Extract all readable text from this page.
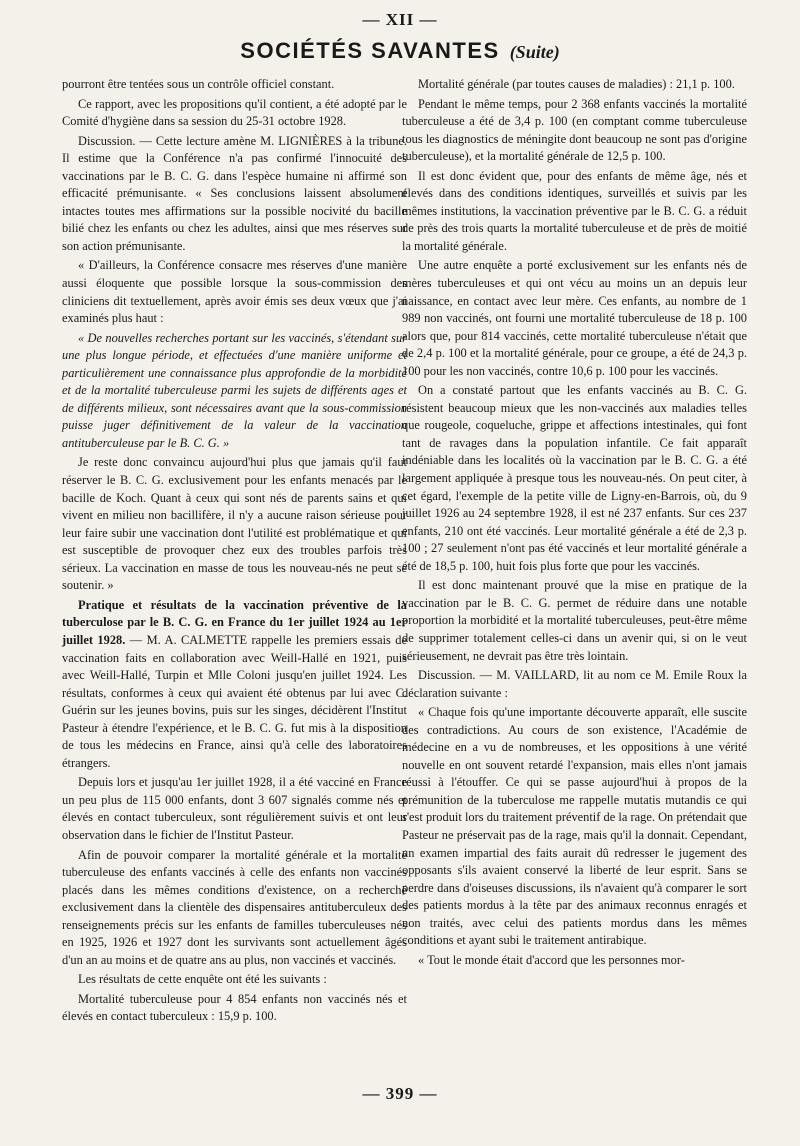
— XII —
SOCIÉTÉS SAVANTES (Suite)

pourront être tentées sous un contrôle officiel constant.

Ce rapport, avec les propositions qu'il contient, a été adopté par le Comité d'hygiène dans sa session du 25-31 octobre 1928.

Discussion. — Cette lecture amène M. LIGNIÈRES à la tribune. Il estime que la Conférence n'a pas confirmé l'innocuité des vaccinations par le B. C. G. dans l'espèce humaine ni affirmé son efficacité prémunisante. « Ses conclusions laissent absolument intactes toutes mes affirmations sur la possible nocivité du bacille bilié chez les enfants ou chez les adultes, ainsi que mes réserves sur son action prémunisante.

« D'ailleurs, la Conférence consacre mes réserves d'une manière aussi éloquente que possible lorsque la sous-commission des cliniciens dit textuellement, après avoir émis ses deux vœux que j'ai examinés plus haut :

« De nouvelles recherches portant sur les vaccinés, s'étendant sur une plus longue période, et effectuées d'une manière uniforme et particulièrement une connaissance plus approfondie de la morbidité et de la mortalité tuberculeuse parmi les sujets de différents ages et de différents milieux, sont nécessaires avant que la sous-commission puisse juger définitivement de la valeur de la vaccination antituberculeuse par le B. C. G. »

Je reste donc convaincu aujourd'hui plus que jamais qu'il faut réserver le B. C. G. exclusivement pour les enfants menacés par le bacille de Koch. Quant à ceux qui sont nés de parents sains et qui vivent en milieu non bacillifère, il n'y a aucune raison sérieuse pour leur faire subir une vaccination dont l'utilité est problématique et qui est susceptible de provoquer chez eux des troubles parfois très sérieux. La vaccination en masse de tous les nouveau-nés ne peut se soutenir. »

Pratique et résultats de la vaccination préventive de la tuberculose par le B. C. G. en France du 1er juillet 1924 au 1er juillet 1928. — M. A. CALMETTE rappelle les premiers essais de vaccination faits en collaboration avec Weill-Hallé en 1921, puis avec Weill-Hallé, Turpin et Mlle Coloni jusqu'en juillet 1924. Les résultats, conformes à ceux qui avaient été obtenus par lui avec C. Guérin sur les jeunes bovins, puis sur les singes, décidèrent l'Institut Pasteur à étendre l'expérience, et le B. C. G. fut mis à la disposition de tous les médecins en France, ainsi qu'à celle des laboratoires étrangers.

Depuis lors et jusqu'au 1er juillet 1928, il a été vacciné en France un peu plus de 115 000 enfants, dont 3 607 signalés comme nés et élevés en contact tuberculeux, sont régulièrement suivis et ont leur observation dans le fichier de l'Institut Pasteur.

Afin de pouvoir comparer la mortalité générale et la mortalité tuberculeuse des enfants vaccinés à celle des enfants non vaccinés placés dans les mêmes conditions d'existence, on a recherché exclusivement dans la clientèle des dispensaires antituberculeux des renseignements précis sur les enfants de familles tuberculeuses nés en 1925, 1926 et 1927 dont les survivants sont actuellement âgés d'un an au moins et de quatre ans au plus, non vaccinés et vaccinés.

Les résultats de cette enquête ont été les suivants :

Mortalité tuberculeuse pour 4 854 enfants non vaccinés nés et élevés en contact tuberculeux : 15,9 p. 100.

Mortalité générale (par toutes causes de maladies) : 21,1 p. 100.

Pendant le même temps, pour 2 368 enfants vaccinés la mortalité tuberculeuse a été de 3,4 p. 100 (en comptant comme tuberculeuse tous les diagnostics de méningite dont beaucoup ne sont pas d'origine tuberculeuse), et la mortalité générale de 12,5 p. 100.

Il est donc évident que, pour des enfants de même âge, nés et élevés dans des conditions identiques, surveillés et suivis par les mêmes institutions, la vaccination préventive par le B. C. G. a réduit de près des trois quarts la mortalité tuberculeuse et de près de moitié la mortalité générale.

Une autre enquête a porté exclusivement sur les enfants nés de mères tuberculeuses et qui ont vécu au moins un an depuis leur naissance, en contact avec leur mère. Ces enfants, au nombre de 1 989 non vaccinés, ont fourni une mortalité tuberculeuse de 18 p. 100 alors que, pour 814 vaccinés, cette mortalité tuberculeuse n'était que de 2,4 p. 100 et la mortalité générale, pour ce groupe, a été de 24,3 p. 100 pour les non vaccinés, contre 10,6 p. 100 pour les vaccinés.

On a constaté partout que les enfants vaccinés au B. C. G. résistent beaucoup mieux que les non-vaccinés aux maladies telles que rougeole, coqueluche, grippe et affections intestinales, qui font tant de ravages dans la population infantile. Ce fait apparaît indéniable dans les localités où la vaccination par le B. C. G. a été largement appliquée à presque tous les nouveau-nés. On peut citer, à cet égard, l'exemple de la petite ville de Ligny-en-Barrois, où, du 9 juillet 1926 au 24 septembre 1928, il est né 237 enfants. Sur ces 237 enfants, 210 ont été vaccinés. Leur mortalité générale a été de 2,3 p. 100 ; 27 seulement n'ont pas été vaccinés et leur mortalité générale a été de 18,5 p. 100, huit fois plus forte que pour les vaccinés.

Il est donc maintenant prouvé que la mise en pratique de la vaccination par le B. C. G. permet de réduire dans une notable proportion la morbidité et la mortalité tuberculeuses, peut-être même de supprimer totalement celles-ci dans un avenir qui, si on le veut sérieusement, ne devrait pas être très lointain.

Discussion. — M. VAILLARD, lit au nom ce M. Emile Roux la déclaration suivante :

« Chaque fois qu'une importante découverte apparaît, elle suscite des contradictions. Au cours de son existence, l'Académie de médecine en a vu de nombreuses, et les oppositions à une vérité nouvelle en ont souvent retardé l'expansion, mais elles n'ont jamais réussi à l'étouffer. Ce qui se passe aujourd'hui à propos de la prémunition de la tuberculose me rappelle mutatis mutandis ce qui s'est produit lors du traitement préventif de la rage. On prétendait que Pasteur ne préservait pas de la rage, mais qu'il la donnait. Cependant, un examen impartial des faits aurait dû redresser le jugement des opposants s'ils avaient conservé la liberté de leur esprit. Sans se perdre dans d'oiseuses discussions, ils n'avaient qu'à comparer le sort des patients mordus à la tête par des animaux reconnus enragés et non traités, avec celui des patients mordus dans les mêmes conditions et ayant subi le traitement antirabique.

« Tout le monde était d'accord que les personnes mor-

— 399 —
